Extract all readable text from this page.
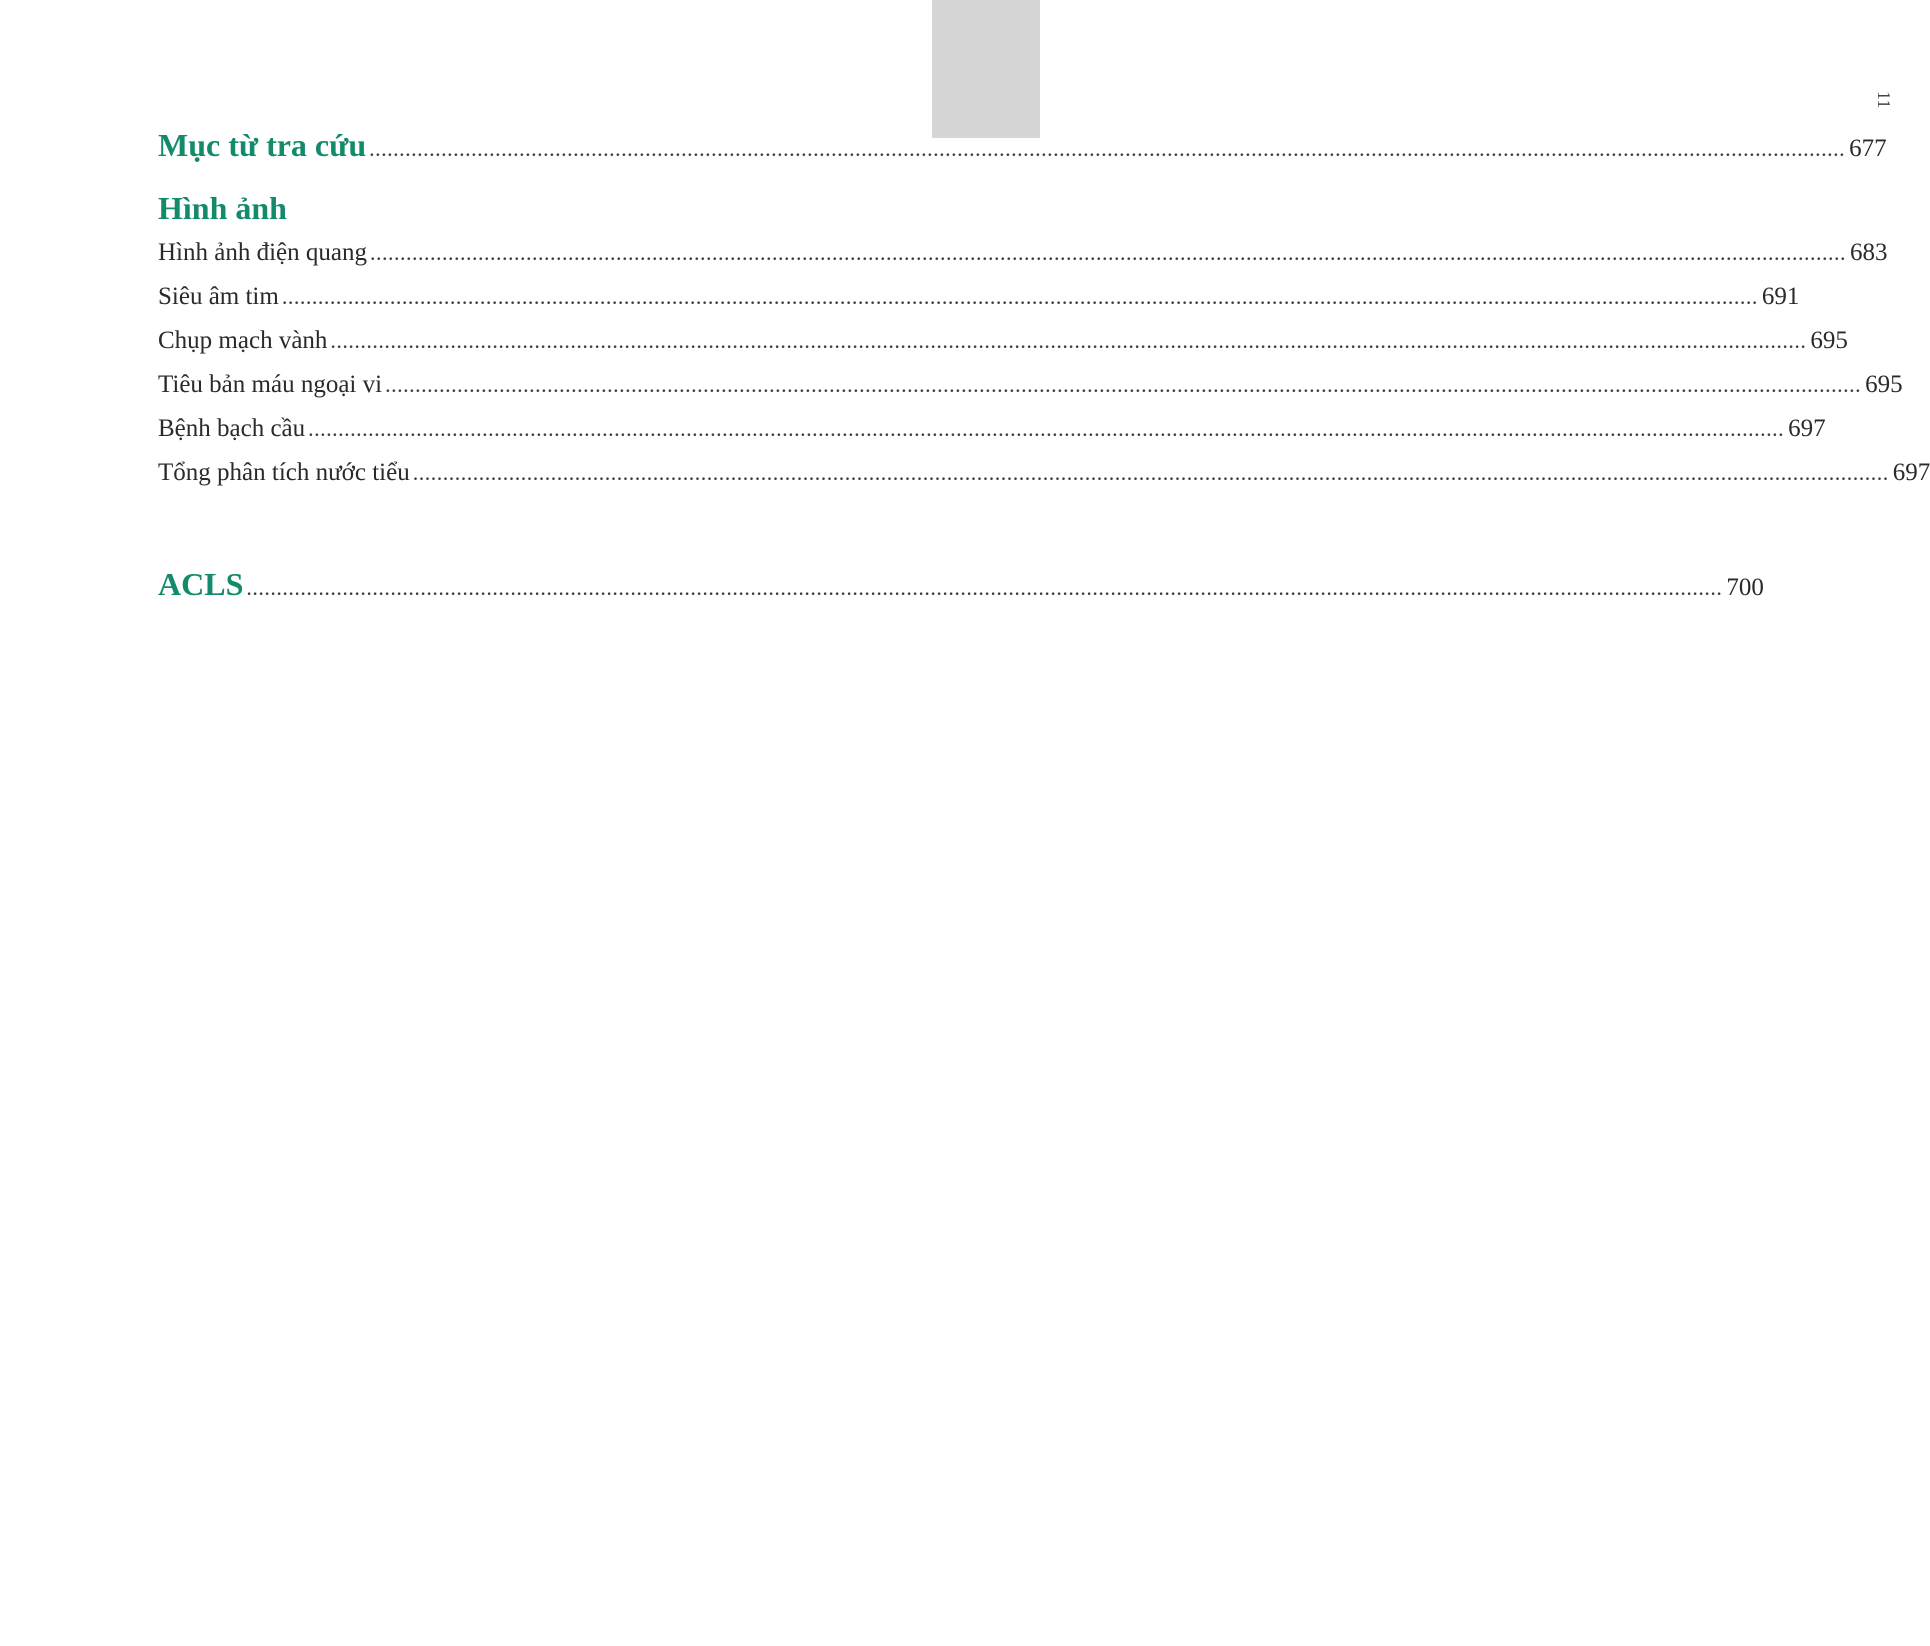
11
Mục từ tra cứu .....	677
Hình ảnh
Hình ảnh điện quang .....	683
Siêu âm tim .....	691
Chụp mạch vành .....	695
Tiêu bản máu ngoại vi .....	695
Bệnh bạch cầu .....	697
Tổng phân tích nước tiểu .....	697
ACLS .....	700
